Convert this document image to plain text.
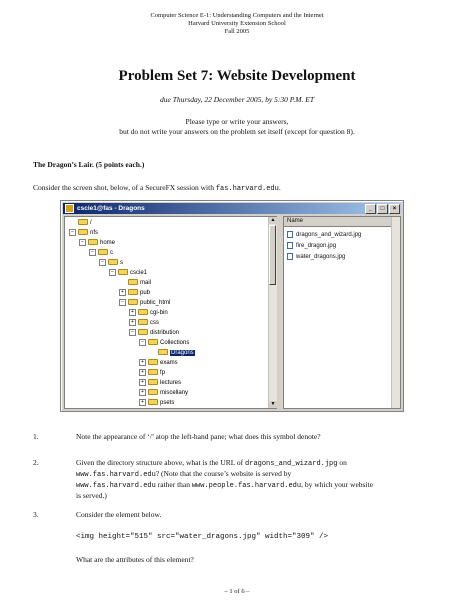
Computer Science E-1: Understanding Computers and the Internet
Harvard University Extension School
Fall 2005
Problem Set 7: Website Development
due Thursday, 22 December 2005, by 5:30 P.M. ET
Please type or write your answers,
but do not write your answers on the problem set itself (except for question 8).
The Dragon’s Lair. (5 points each.)
Consider the screen shot, below, of a SecureFX session with fas.harvard.edu.
cscie1@fas - Dragons	_ □ ×
/
−	nfs
−	home
−	c
−	s
−	cscie1
mail
+	pub
−	public_html
+	cgi-bin
+	css
−	distribution
−	Collections
Dragons
+	exams
+	fp
+	lectures
+	miscellany
+	psets
▲
▼
Name
dragons_and_wizard.jpg
fire_dragon.jpg
water_dragons.jpg
1.	Note the appearance of ‘/’ atop the left-hand pane; what does this symbol denote?
2.	Given the directory structure above, what is the URL of dragons_and_wizard.jpg on
www.fas.harvard.edu? (Note that the course’s website is served by
www.fas.harvard.edu rather than www.people.fas.harvard.edu, by which your website
is served.)
3.	Consider the element below.
<img height="515" src="water_dragons.jpg" width="309" />
What are the attributes of this element?
– 1 of 6 –
